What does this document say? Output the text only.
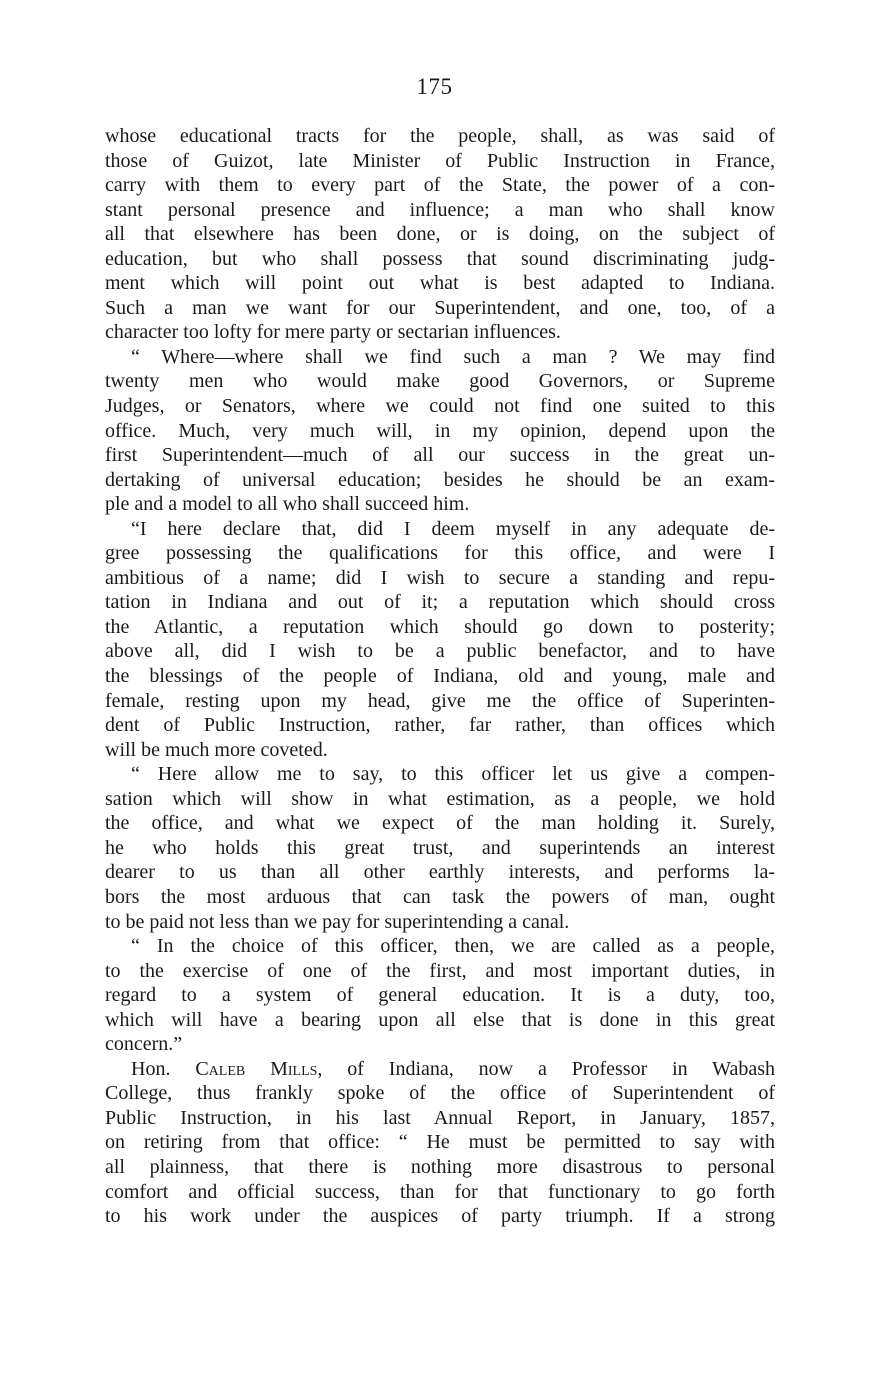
175
whose educational tracts for the people, shall, as was said of
those of Guizot, late Minister of Public Instruction in France,
carry with them to every part of the State, the power of a con-
stant personal presence and influence; a man who shall know
all that elsewhere has been done, or is doing, on the subject of
education, but who shall possess that sound discriminating judg-
ment which will point out what is best adapted to Indiana.
Such a man we want for our Superintendent, and one, too, of a
character too lofty for mere party or sectarian influences.
“ Where—where shall we find such a man ? We may find
twenty men who would make good Governors, or Supreme
Judges, or Senators, where we could not find one suited to this
office. Much, very much will, in my opinion, depend upon the
first Superintendent—much of all our success in the great un-
dertaking of universal education; besides he should be an exam-
ple and a model to all who shall succeed him.
“I here declare that, did I deem myself in any adequate de-
gree possessing the qualifications for this office, and were I
ambitious of a name; did I wish to secure a standing and repu-
tation in Indiana and out of it; a reputation which should cross
the Atlantic, a reputation which should go down to posterity;
above all, did I wish to be a public benefactor, and to have
the blessings of the people of Indiana, old and young, male and
female, resting upon my head, give me the office of Superinten-
dent of Public Instruction, rather, far rather, than offices which
will be much more coveted.
“ Here allow me to say, to this officer let us give a compen-
sation which will show in what estimation, as a people, we hold
the office, and what we expect of the man holding it. Surely,
he who holds this great trust, and superintends an interest
dearer to us than all other earthly interests, and performs la-
bors the most arduous that can task the powers of man, ought
to be paid not less than we pay for superintending a canal.
“ In the choice of this officer, then, we are called as a people,
to the exercise of one of the first, and most important duties, in
regard to a system of general education. It is a duty, too,
which will have a bearing upon all else that is done in this great
concern.”
Hon. Caleb Mills, of Indiana, now a Professor in Wabash
College, thus frankly spoke of the office of Superintendent of
Public Instruction, in his last Annual Report, in January, 1857,
on retiring from that office: “ He must be permitted to say with
all plainness, that there is nothing more disastrous to personal
comfort and official success, than for that functionary to go forth
to his work under the auspices of party triumph. If a strong
